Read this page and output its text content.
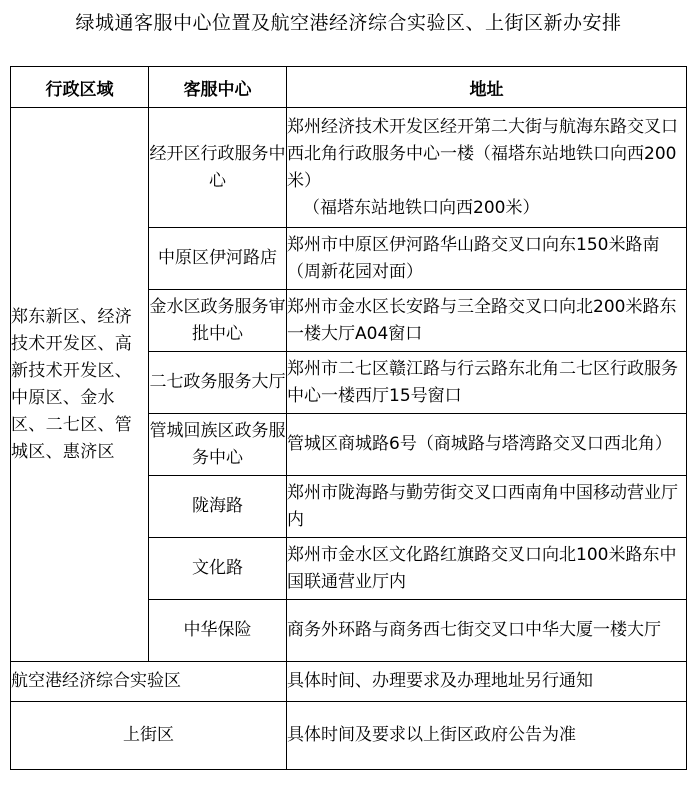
绿城通客服中心位置及航空港经济综合实验区、上街区新办安排
行政区域	客服中心	地址
郑东新区、经济技术开发区、高新技术开发区、中原区、金水区、二七区、管城区、惠济区	经开区行政服务中心	郑州经济技术开发区经开第二大街与航海东路交叉口西北角行政服务中心一楼（福塔东站地铁口向西200米）
（福塔东站地铁口向西200米）

	中原区伊河路店	郑州市中原区伊河路华山路交叉口向东150米路南（周新花园对面）
	金水区政务服务审批中心	郑州市金水区长安路与三全路交叉口向北200米路东一楼大厅A04窗口
	二七政务服务大厅	郑州市二七区赣江路与行云路东北角二七区行政服务中心一楼西厅15号窗口
	管城回族区政务服务中心	管城区商城路6号（商城路与塔湾路交叉口西北角）
	陇海路	郑州市陇海路与勤劳街交叉口西南角中国移动营业厅内
	文化路	郑州市金水区文化路红旗路交叉口向北100米路东中国联通营业厅内
	中华保险	商务外环路与商务西七街交叉口中华大厦一楼大厅
航空港经济综合实验区		具体时间、办理要求及办理地址另行通知
上街区		具体时间及要求以上街区政府公告为准
